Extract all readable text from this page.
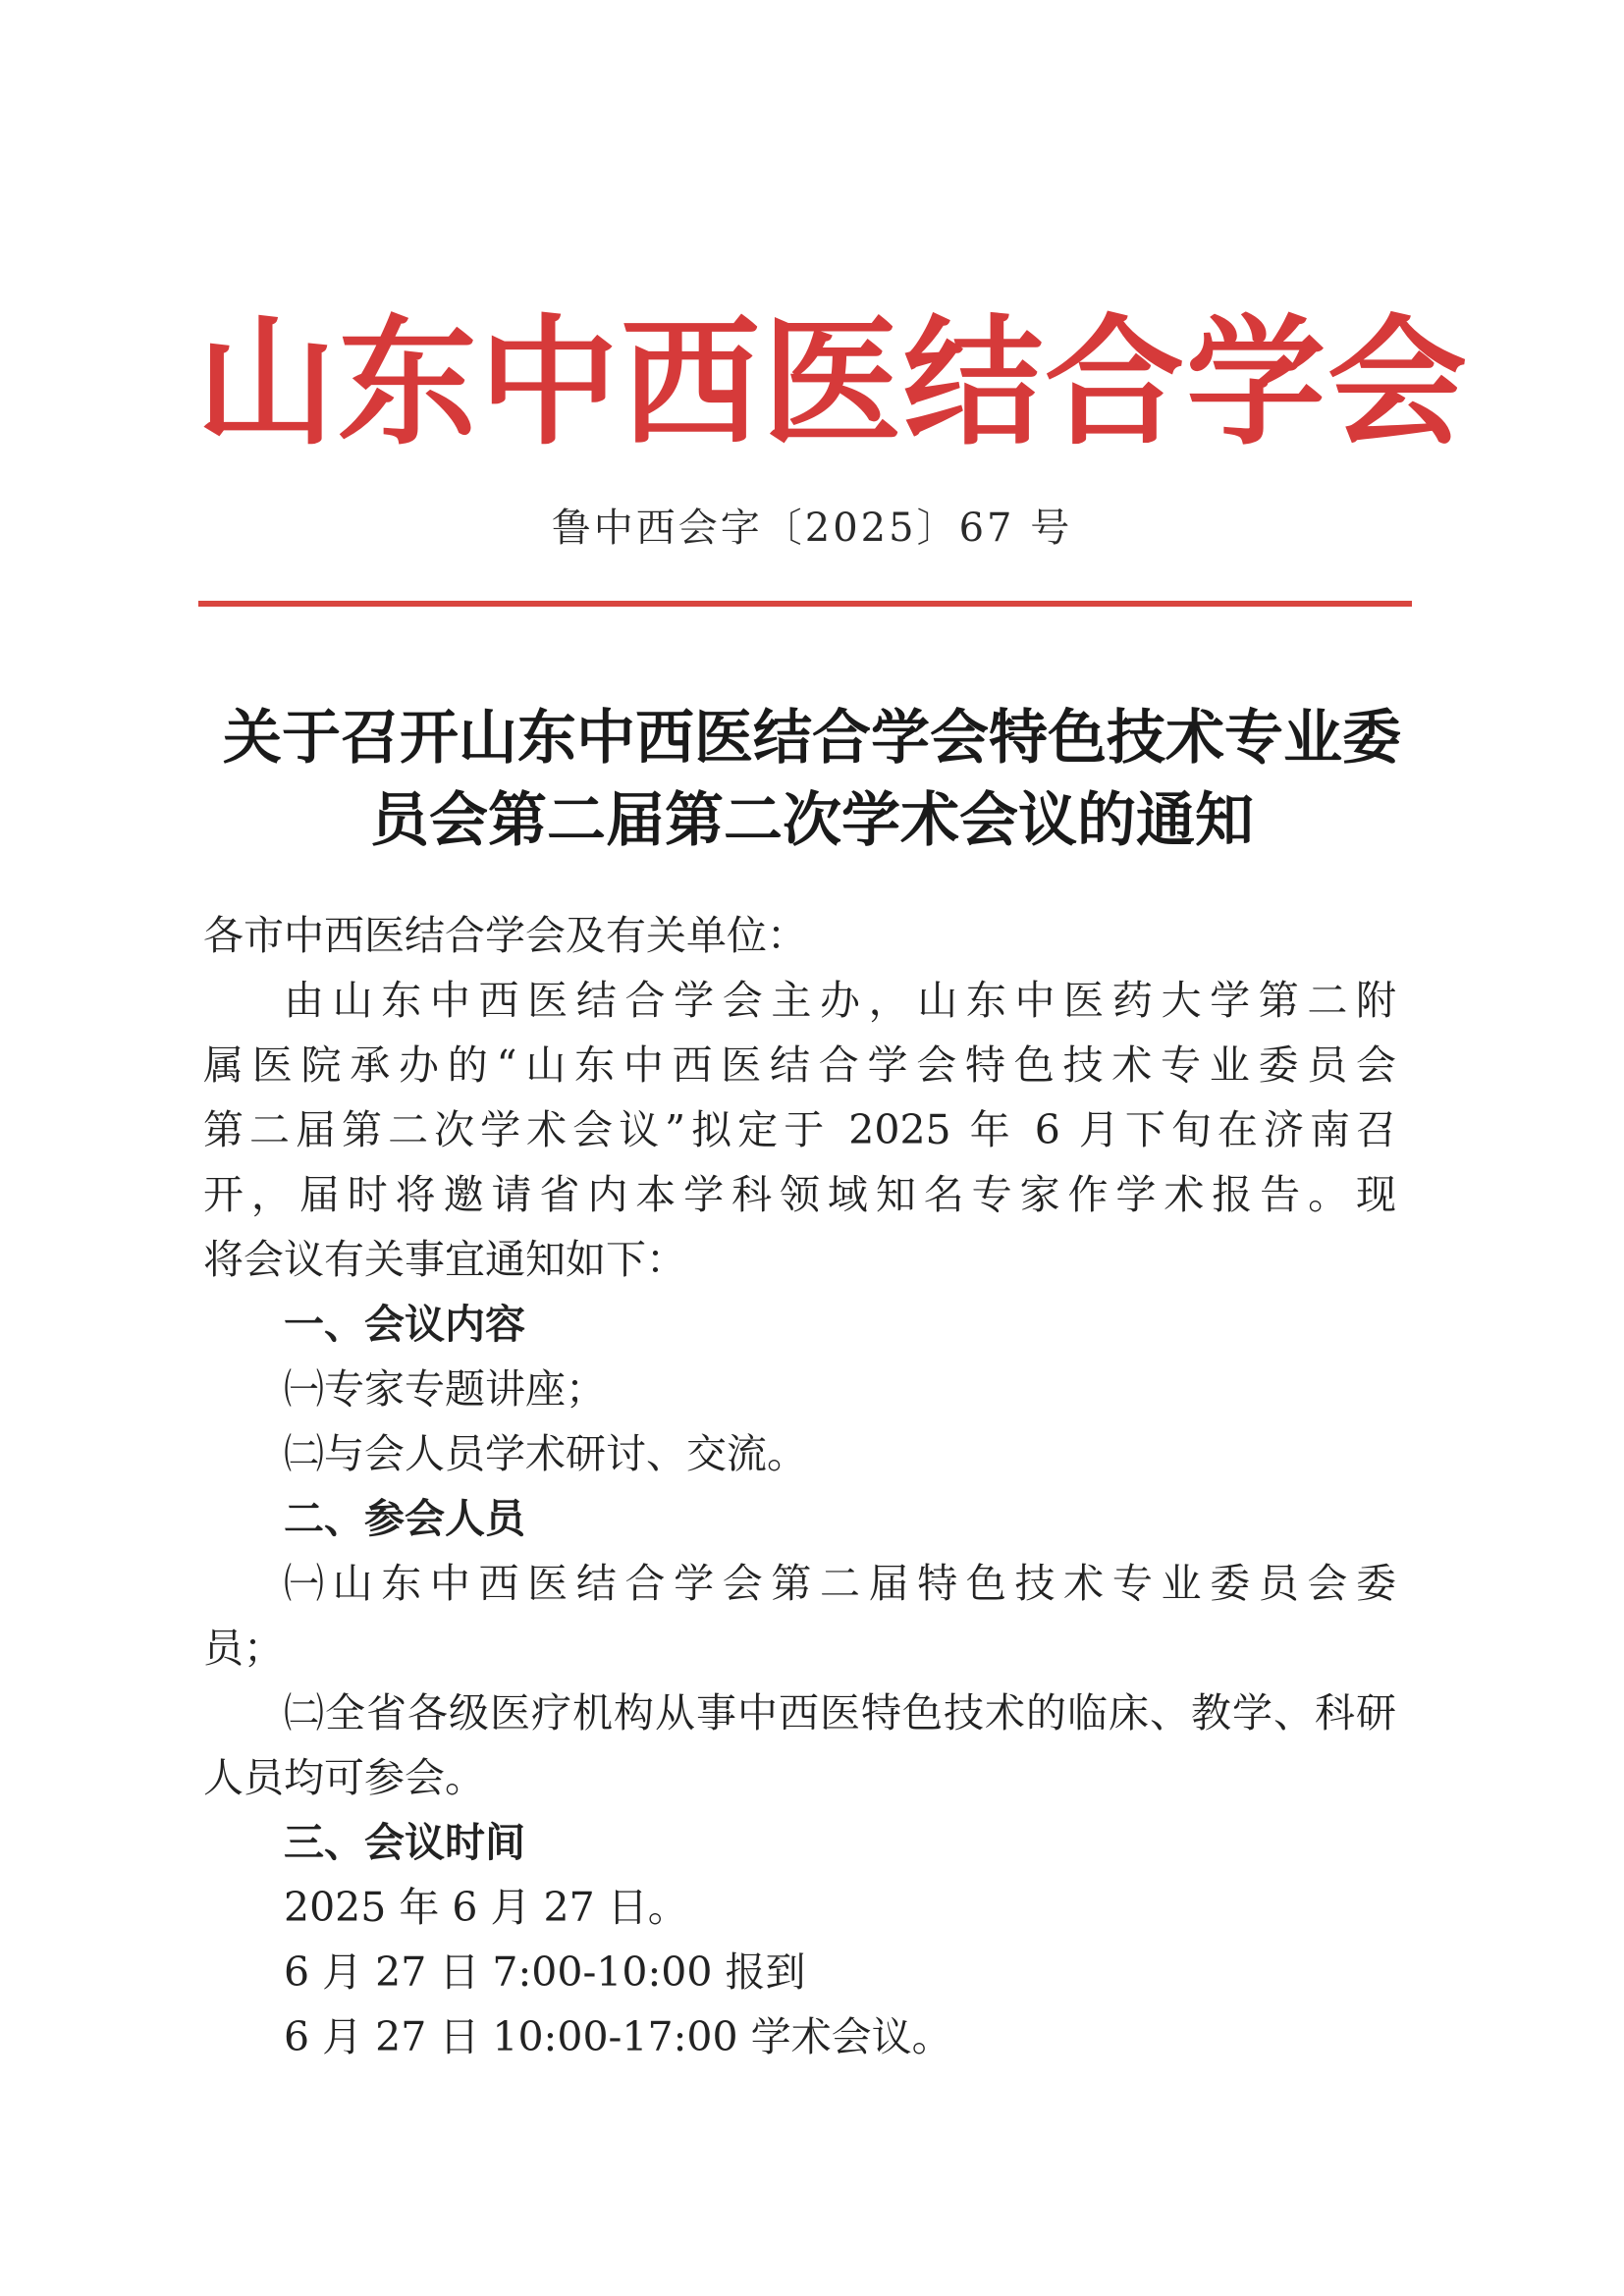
山东中西医结合学会
鲁中西会字〔2025〕67 号
关于召开山东中西医结合学会特色技术专业委
员会第二届第二次学术会议的通知
各市中西医结合学会及有关单位：
由山东中西医结合学会主办，山东中医药大学第二附
属医院承办的“山东中西医结合学会特色技术专业委员会
第二届第二次学术会议”拟定于 2025 年 6 月下旬在济南召
开，届时将邀请省内本学科领域知名专家作学术报告。现
将会议有关事宜通知如下：
一、会议内容
㈠专家专题讲座；
㈡与会人员学术研讨、交流。
二、参会人员
㈠山东中西医结合学会第二届特色技术专业委员会委
员；
㈡全省各级医疗机构从事中西医特色技术的临床、教学、科研
人员均可参会。
三、会议时间
2025 年 6 月 27 日。
6 月 27 日 7:00-10:00 报到
6 月 27 日 10:00-17:00 学术会议。
